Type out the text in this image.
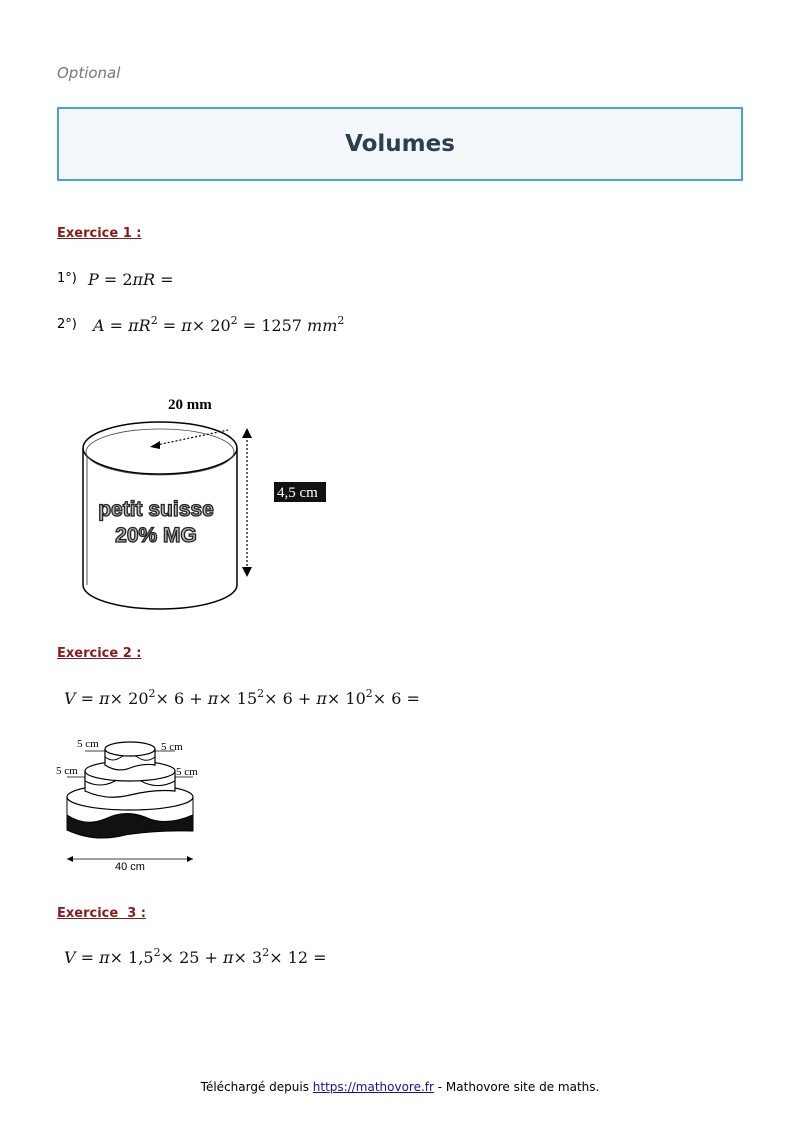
Optional
Volumes
Exercice 1 :
1°) P = 2πR =
2°) $A = \pi R^2 = \pi\times 20^2 = 1257$ $mm^2$
20 mm
4,5 cm
petit suisse
20% MG
Exercice 2 :
$V = \pi\times 20^2\times 6 + \pi\times 15^2\times 6 + \pi\times 10^2\times 6$ =
5 cm	5 cm
5 cm	5 cm
40 cm
Exercice  3 :
$V = \pi\times 1,5^2\times 25 + \pi\times 3^2\times 12$ =
Téléchargé depuis https://mathovore.fr - Mathovore site de maths.
